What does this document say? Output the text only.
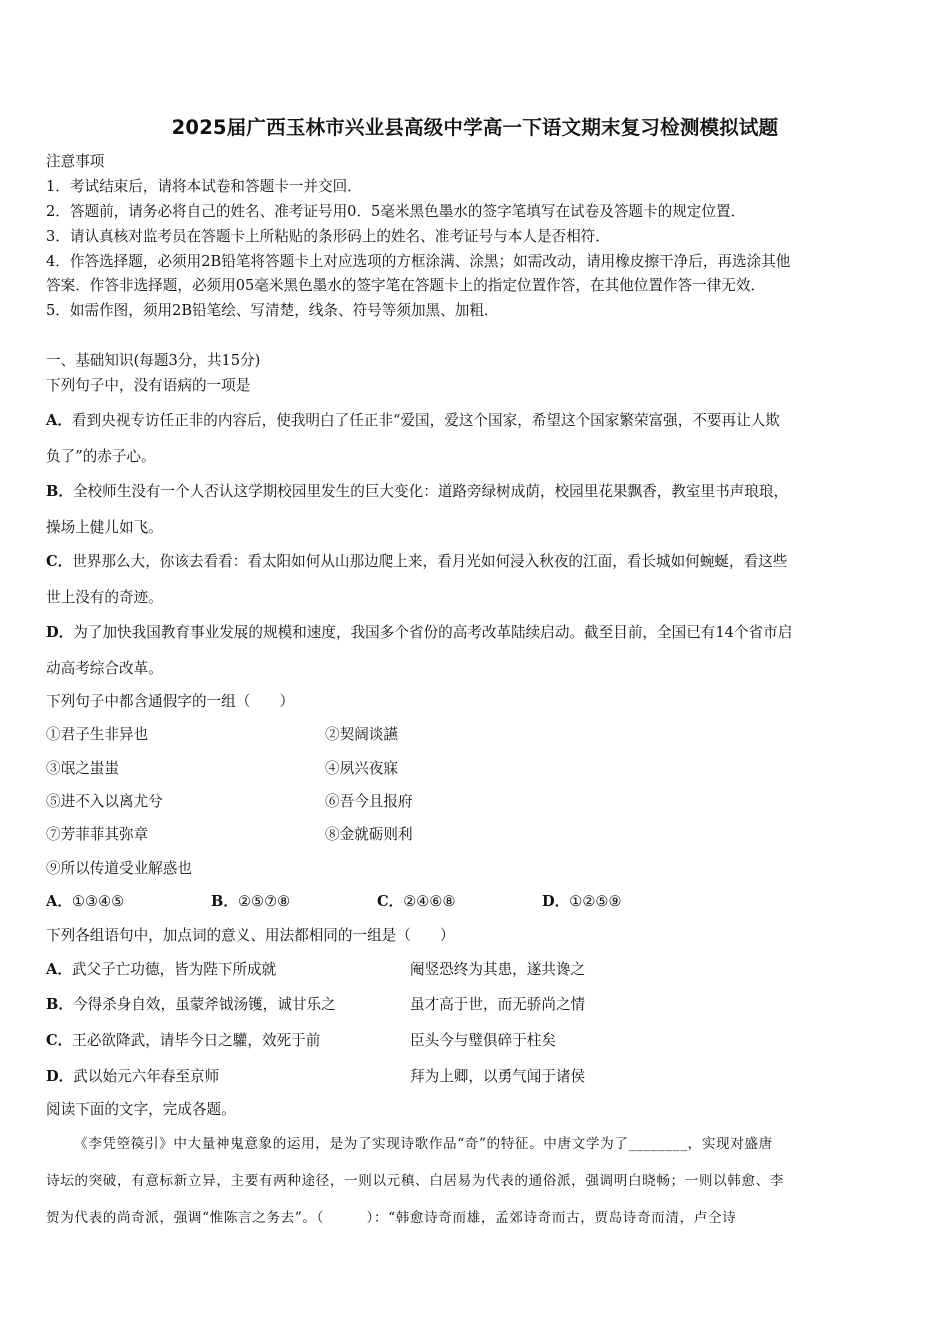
2025届广西玉林市兴业县高级中学高一下语文期末复习检测模拟试题
注意事项
1．考试结束后，请将本试卷和答题卡一并交回．
2．答题前，请务必将自己的姓名、准考证号用0．5毫米黑色墨水的签字笔填写在试卷及答题卡的规定位置．
3．请认真核对监考员在答题卡上所粘贴的条形码上的姓名、准考证号与本人是否相符．
4．作答选择题，必须用2B铅笔将答题卡上对应选项的方框涂满、涂黑；如需改动，请用橡皮擦干净后，再选涂其他
答案．作答非选择题，必须用05毫米黑色墨水的签字笔在答题卡上的指定位置作答，在其他位置作答一律无效．
5．如需作图，须用2B铅笔绘、写清楚，线条、符号等须加黑、加粗．
一、基础知识(每题3分，共15分)
下列句子中，没有语病的一项是
A．看到央视专访任正非的内容后，使我明白了任正非“爱国，爱这个国家，希望这个国家繁荣富强，不要再让人欺
负了”的赤子心。
B．全校师生没有一个人否认这学期校园里发生的巨大变化：道路旁绿树成荫，校园里花果飘香，教室里书声琅琅，
操场上健儿如飞。
C．世界那么大，你该去看看：看太阳如何从山那边爬上来，看月光如何浸入秋夜的江面，看长城如何蜿蜒，看这些
世上没有的奇迹。
D．为了加快我国教育事业发展的规模和速度，我国多个省份的高考改革陆续启动。截至目前，全国已有14个省市启
动高考综合改革。
下列句子中都含通假字的一组（　　）
①君子生非异也	②契阔谈讌
③氓之蚩蚩	④夙兴夜寐
⑤进不入以离尤兮	⑥吾今且报府
⑦芳菲菲其弥章	⑧金就砺则利
⑨所以传道受业解惑也
A．①③④⑤	B．②⑤⑦⑧	C．②④⑥⑧	D．①②⑤⑨
下列各组语句中，加点词的意义、用法都相同的一组是（　　）
A．武父子亡功德，皆为陛下所成就	阉竖恐终为其患，遂共谗之
B．今得杀身自效，虽蒙斧钺汤镬，诚甘乐之	虽才高于世，而无骄尚之情
C．王必欲降武，请毕今日之驩，效死于前	臣头今与璧俱碎于柱矣
D．武以始元六年春至京师	拜为上卿，以勇气闻于诸侯
阅读下面的文字，完成各题。
《李凭箜篌引》中大量神鬼意象的运用，是为了实现诗歌作品“奇”的特征。中唐文学为了________，实现对盛唐
诗坛的突破，有意标新立异，主要有两种途径，一则以元稹、白居易为代表的通俗派，强调明白晓畅；一则以韩愈、李
贺为代表的尚奇派，强调“惟陈言之务去”。（　　　）：“韩愈诗奇而雄，孟郊诗奇而古，贾岛诗奇而清，卢仝诗
